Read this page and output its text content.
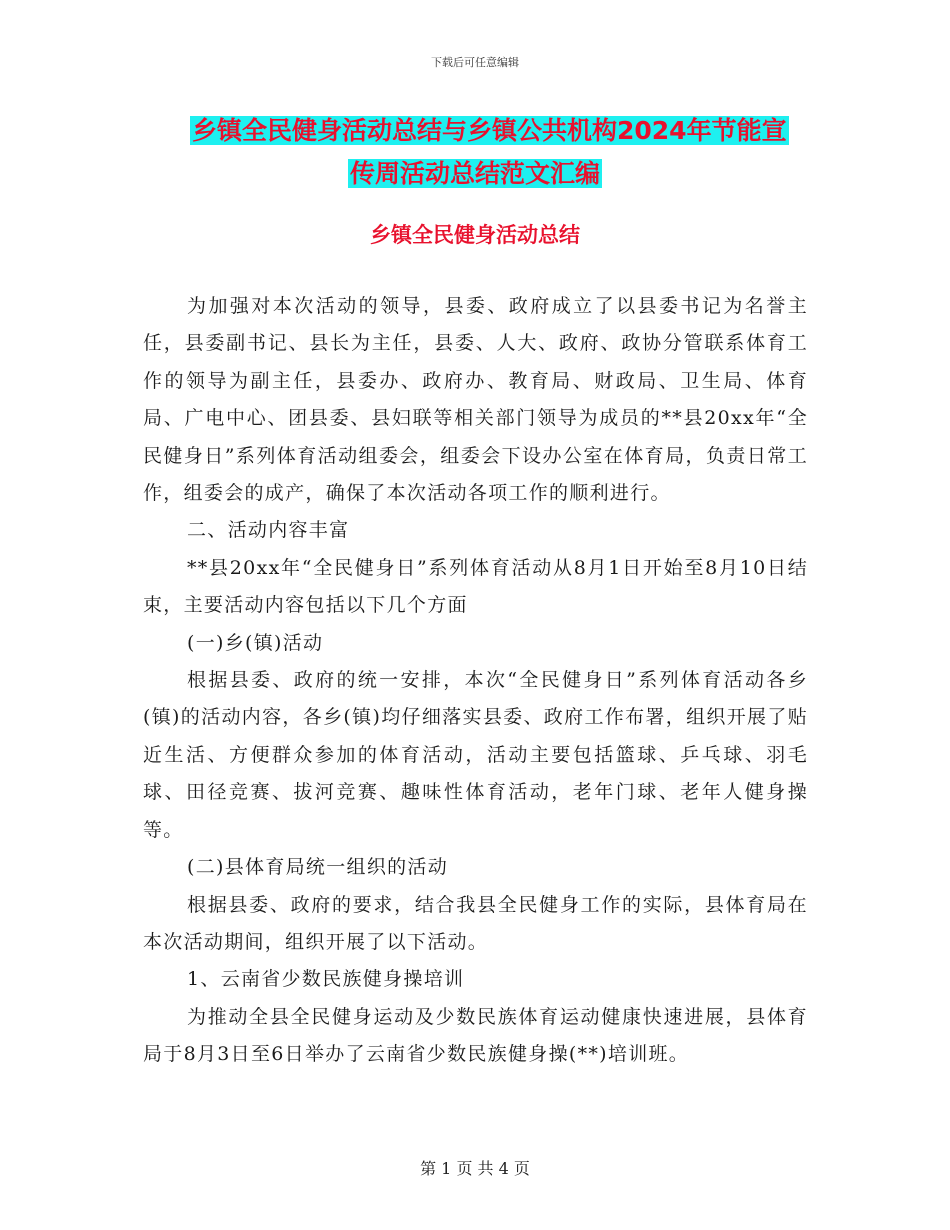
下载后可任意编辑
乡镇全民健身活动总结与乡镇公共机构2024年节能宣
传周活动总结范文汇编
乡镇全民健身活动总结

为加强对本次活动的领导，县委、政府成立了以县委书记为名誉主任，县委副书记、县长为主任，县委、人大、政府、政协分管联系体育工作的领导为副主任，县委办、政府办、教育局、财政局、卫生局、体育局、广电中心、团县委、县妇联等相关部门领导为成员的**县20xx年“全民健身日”系列体育活动组委会，组委会下设办公室在体育局，负责日常工作，组委会的成产，确保了本次活动各项工作的顺利进行。

二、活动内容丰富

**县20xx年“全民健身日”系列体育活动从8月1日开始至8月10日结束，主要活动内容包括以下几个方面

(一)乡(镇)活动

根据县委、政府的统一安排，本次“全民健身日”系列体育活动各乡(镇)的活动内容，各乡(镇)均仔细落实县委、政府工作布署，组织开展了贴近生活、方便群众参加的体育活动，活动主要包括篮球、乒乓球、羽毛球、田径竞赛、拔河竞赛、趣味性体育活动，老年门球、老年人健身操等。

(二)县体育局统一组织的活动

根据县委、政府的要求，结合我县全民健身工作的实际，县体育局在本次活动期间，组织开展了以下活动。

1、云南省少数民族健身操培训

为推动全县全民健身运动及少数民族体育运动健康快速进展，县体育局于8月3日至6日举办了云南省少数民族健身操(**)培训班。

第 1 页 共 4 页
